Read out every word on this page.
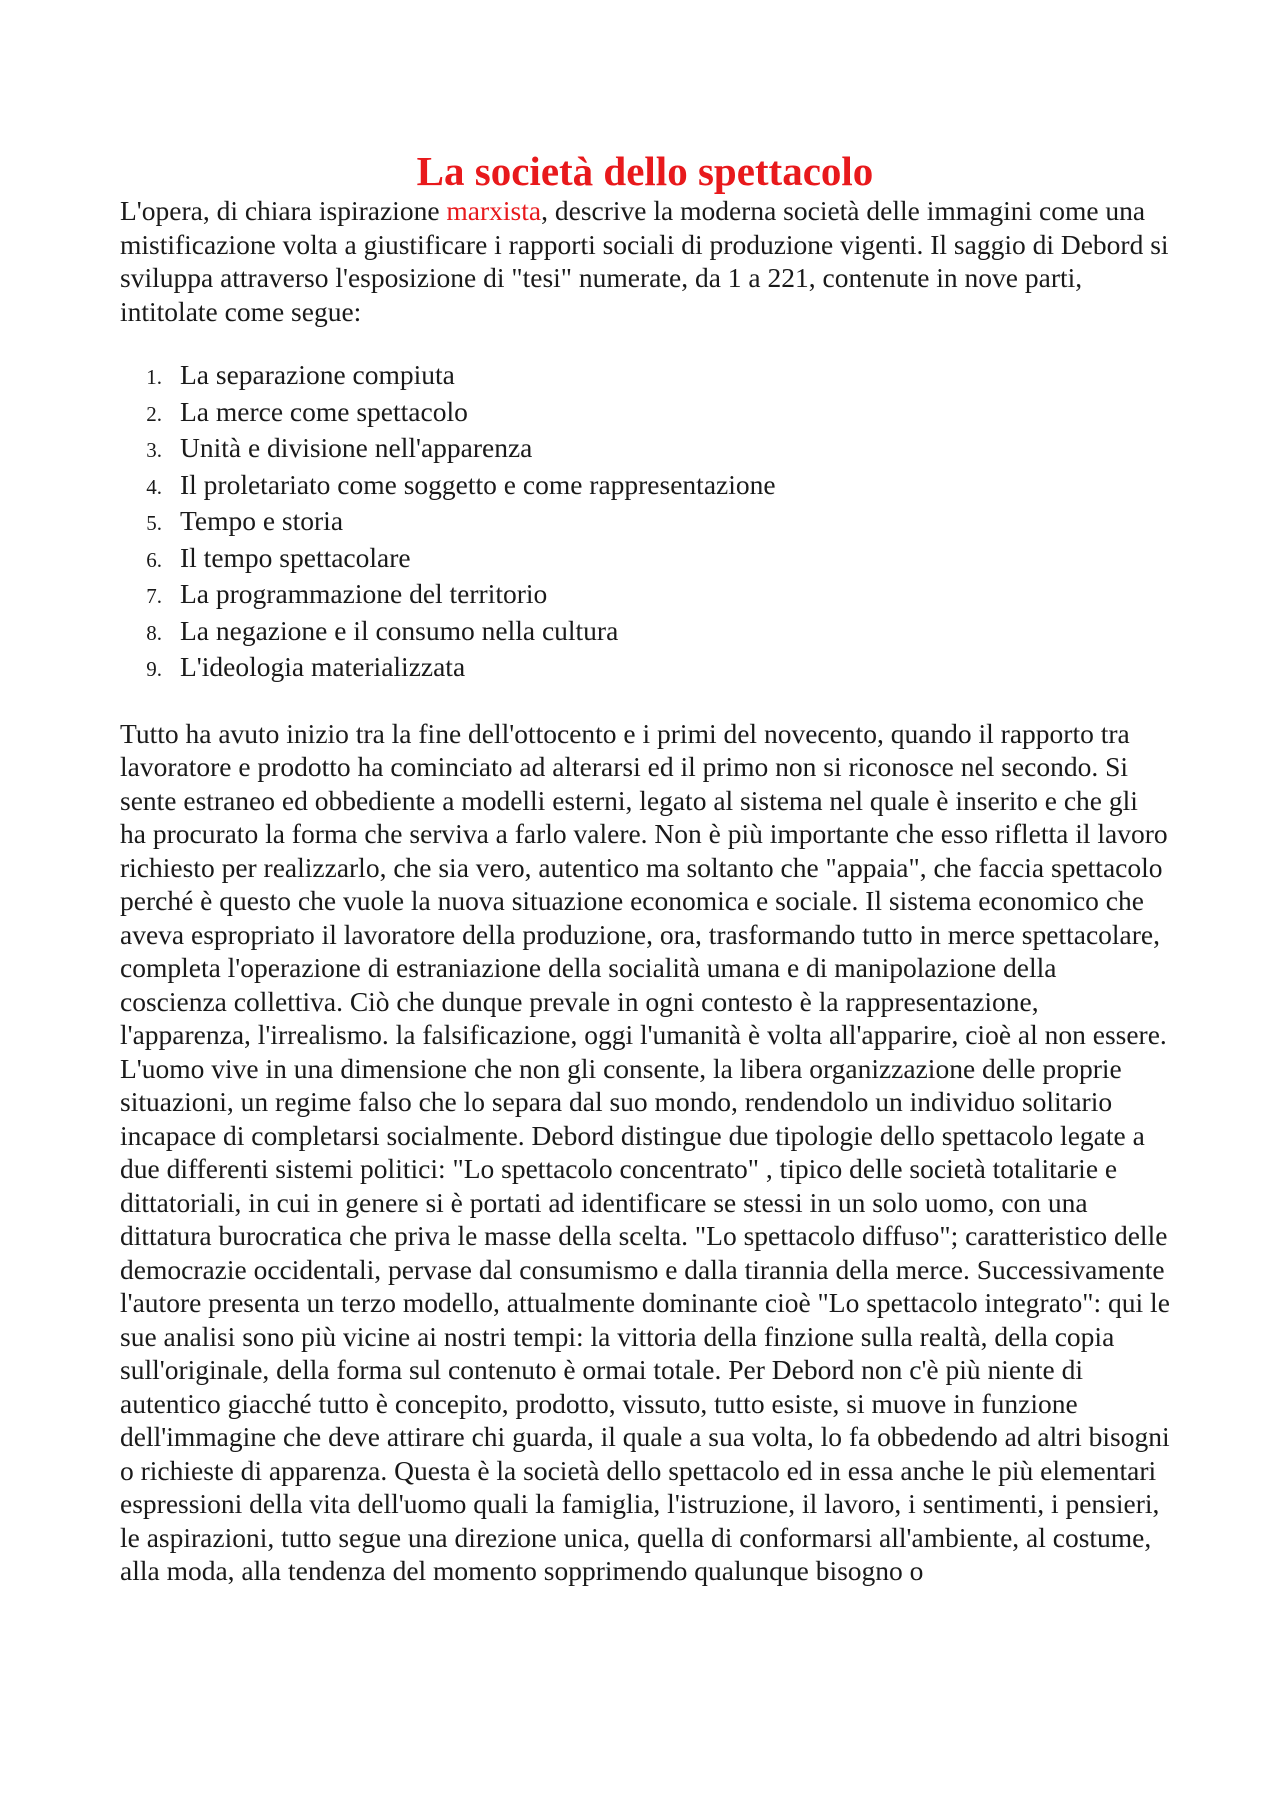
La società dello spettacolo

L'opera, di chiara ispirazione marxista, descrive la moderna società delle immagini come una mistificazione volta a giustificare i rapporti sociali di produzione vigenti. Il saggio di Debord si sviluppa attraverso l'esposizione di "tesi" numerate, da 1 a 221, contenute in nove parti, intitolate come segue:

1. La separazione compiuta
2. La merce come spettacolo
3. Unità e divisione nell'apparenza
4. Il proletariato come soggetto e come rappresentazione
5. Tempo e storia
6. Il tempo spettacolare
7. La programmazione del territorio
8. La negazione e il consumo nella cultura
9. L'ideologia materializzata

Tutto ha avuto inizio tra la fine dell'ottocento e i primi del novecento, quando il rapporto tra lavoratore e prodotto ha cominciato ad alterarsi ed il primo non si riconosce nel secondo. Si sente estraneo ed obbediente a modelli esterni, legato al sistema nel quale è inserito e che gli ha procurato la forma che serviva a farlo valere. Non è più importante che esso rifletta il lavoro richiesto per realizzarlo, che sia vero, autentico ma soltanto che "appaia", che faccia spettacolo perché è questo che vuole la nuova situazione economica e sociale. Il sistema economico che aveva espropriato il lavoratore della produzione, ora, trasformando tutto in merce spettacolare, completa l'operazione di estraniazione della socialità umana e di manipolazione della coscienza collettiva. Ciò che dunque prevale in ogni contesto è la rappresentazione, l'apparenza, l'irrealismo. la falsificazione, oggi l'umanità è volta all'apparire, cioè al non essere. L'uomo vive in una dimensione che non gli consente, la libera organizzazione delle proprie situazioni, un regime falso che lo separa dal suo mondo, rendendolo un individuo solitario incapace di completarsi socialmente. Debord distingue due tipologie dello spettacolo legate a due differenti sistemi politici: "Lo spettacolo concentrato" , tipico delle società totalitarie e dittatoriali, in cui in genere si è portati ad identificare se stessi in un solo uomo, con una dittatura burocratica che priva le masse della scelta. "Lo spettacolo diffuso"; caratteristico delle democrazie occidentali, pervase dal consumismo e dalla tirannia della merce. Successivamente l'autore presenta un terzo modello, attualmente dominante cioè "Lo spettacolo integrato": qui le sue analisi sono più vicine ai nostri tempi: la vittoria della finzione sulla realtà, della copia sull'originale, della forma sul contenuto è ormai totale. Per Debord non c'è più niente di autentico giacché tutto è concepito, prodotto, vissuto, tutto esiste, si muove in funzione dell'immagine che deve attirare chi guarda, il quale a sua volta, lo fa obbedendo ad altri bisogni o richieste di apparenza. Questa è la società dello spettacolo ed in essa anche le più elementari espressioni della vita dell'uomo quali la famiglia, l'istruzione, il lavoro, i sentimenti, i pensieri, le aspirazioni, tutto segue una direzione unica, quella di conformarsi all'ambiente, al costume, alla moda, alla tendenza del momento sopprimendo qualunque bisogno o
